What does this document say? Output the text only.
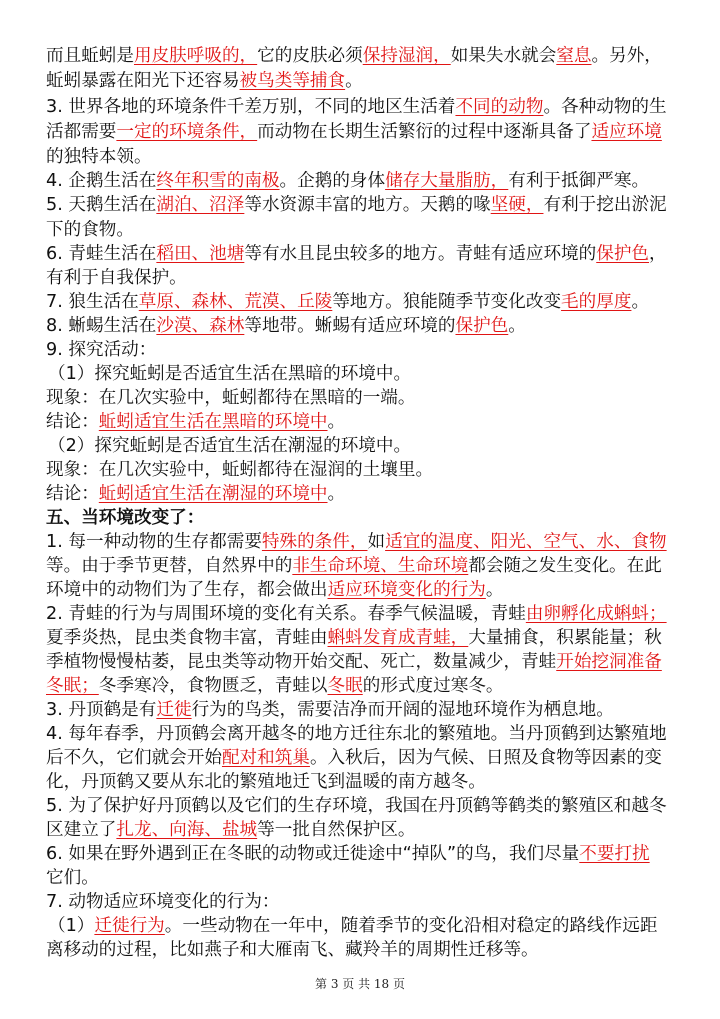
而且蚯蚓是用皮肤呼吸的，它的皮肤必须保持湿润，如果失水就会窒息。另外，
蚯蚓暴露在阳光下还容易被鸟类等捕食。
3. 世界各地的环境条件千差万别，不同的地区生活着不同的动物。各种动物的生
活都需要一定的环境条件，而动物在长期生活繁衍的过程中逐渐具备了适应环境
的独特本领。
4. 企鹅生活在终年积雪的南极。企鹅的身体储存大量脂肪，有利于抵御严寒。
5. 天鹅生活在湖泊、沼泽等水资源丰富的地方。天鹅的喙坚硬，有利于挖出淤泥
下的食物。
6. 青蛙生活在稻田、池塘等有水且昆虫较多的地方。青蛙有适应环境的保护色，
有利于自我保护。
7. 狼生活在草原、森林、荒漠、丘陵等地方。狼能随季节变化改变毛的厚度。
8. 蜥蜴生活在沙漠、森林等地带。蜥蜴有适应环境的保护色。
9. 探究活动：
（1）探究蚯蚓是否适宜生活在黑暗的环境中。
现象：在几次实验中，蚯蚓都待在黑暗的一端。
结论：蚯蚓适宜生活在黑暗的环境中。
（2）探究蚯蚓是否适宜生活在潮湿的环境中。
现象：在几次实验中，蚯蚓都待在湿润的土壤里。
结论：蚯蚓适宜生活在潮湿的环境中。
五、当环境改变了：
1. 每一种动物的生存都需要特殊的条件，如适宜的温度、阳光、空气、水、食物
等。由于季节更替，自然界中的非生命环境、生命环境都会随之发生变化。在此
环境中的动物们为了生存，都会做出适应环境变化的行为。
2. 青蛙的行为与周围环境的变化有关系。春季气候温暖，青蛙由卵孵化成蝌蚪；
夏季炎热，昆虫类食物丰富，青蛙由蝌蚪发育成青蛙，大量捕食，积累能量；秋
季植物慢慢枯萎，昆虫类等动物开始交配、死亡，数量减少，青蛙开始挖洞准备
冬眠；冬季寒冷，食物匮乏，青蛙以冬眠的形式度过寒冬。
3. 丹顶鹤是有迁徙行为的鸟类，需要洁净而开阔的湿地环境作为栖息地。
4. 每年春季，丹顶鹤会离开越冬的地方迁往东北的繁殖地。当丹顶鹤到达繁殖地
后不久，它们就会开始配对和筑巢。入秋后，因为气候、日照及食物等因素的变
化，丹顶鹤又要从东北的繁殖地迁飞到温暖的南方越冬。
5. 为了保护好丹顶鹤以及它们的生存环境，我国在丹顶鹤等鹤类的繁殖区和越冬
区建立了扎龙、向海、盐城等一批自然保护区。
6. 如果在野外遇到正在冬眠的动物或迁徙途中“掉队”的鸟，我们尽量不要打扰
它们。
7. 动物适应环境变化的行为：
（1）迁徙行为。一些动物在一年中，随着季节的变化沿相对稳定的路线作远距
离移动的过程，比如燕子和大雁南飞、藏羚羊的周期性迁移等。
第 3 页 共 18 页
